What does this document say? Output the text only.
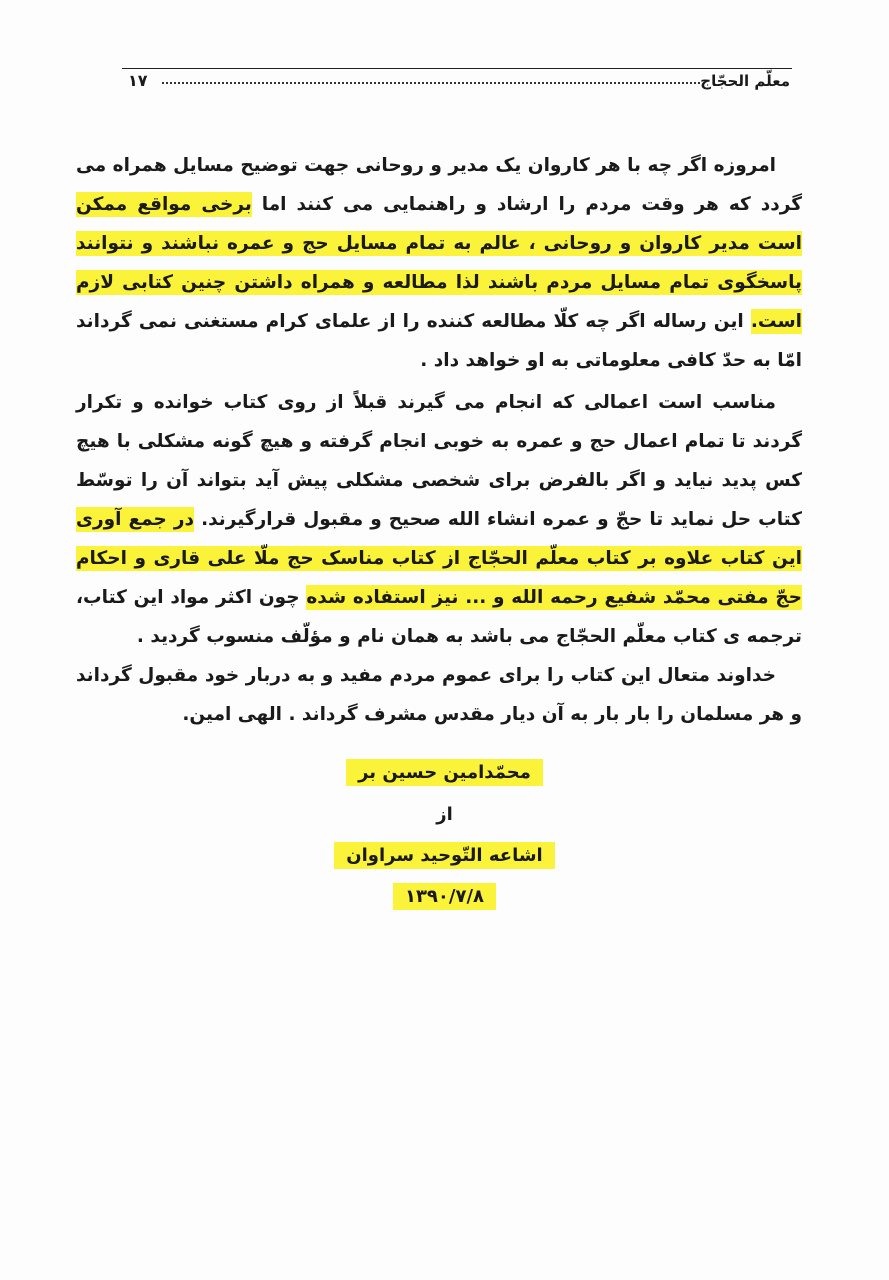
معلّم الحجّاج
۱۷

امروزه اگر چه با هر کاروان یک مدیر و روحانی جهت توضیح مسایل همراه می گردد که هر وقت مردم را ارشاد و راهنمایی می کنند اما برخی مواقع ممکن است مدیر کاروان و روحانی ، عالم به تمام مسایل حج و عمره نباشند و نتوانند پاسخگوی تمام مسایل مردم باشند لذا مطالعه و همراه داشتن چنین کتابی لازم است. این رساله اگر چه کلّا مطالعه کننده را از علمای کرام مستغنی نمی گرداند امّا به حدّ کافی معلوماتی به او خواهد داد .

مناسب است اعمالی که انجام می گیرند قبلاً از روی کتاب خوانده و تکرار گردند تا تمام اعمال حج و عمره به خوبی انجام گرفته و هیچ گونه مشکلی با هیچ کس پدید نیاید و اگر بالفرض برای شخصی مشکلی پیش آید بتواند آن را توسّط کتاب حل نماید تا حجّ و عمره انشاء الله صحیح و مقبول قرارگیرند. در جمع آوری این کتاب علاوه بر کتاب معلّم الحجّاج از کتاب مناسک حج ملّا علی قاری و احکام حجّ مفتی محمّد شفیع رحمه الله و ... نیز استفاده شده چون اکثر مواد این کتاب، ترجمه ی کتاب معلّم الحجّاج می باشد به همان نام و مؤلّف منسوب گردید .

خداوند متعال این کتاب را برای عموم مردم مفید و به دربار خود مقبول گرداند و هر مسلمان را بار بار به آن دیار مقدس مشرف گرداند . الهی امین.

محمّدامین حسین بر
از
اشاعه التّوحید سراوان
۱۳۹۰/۷/۸
